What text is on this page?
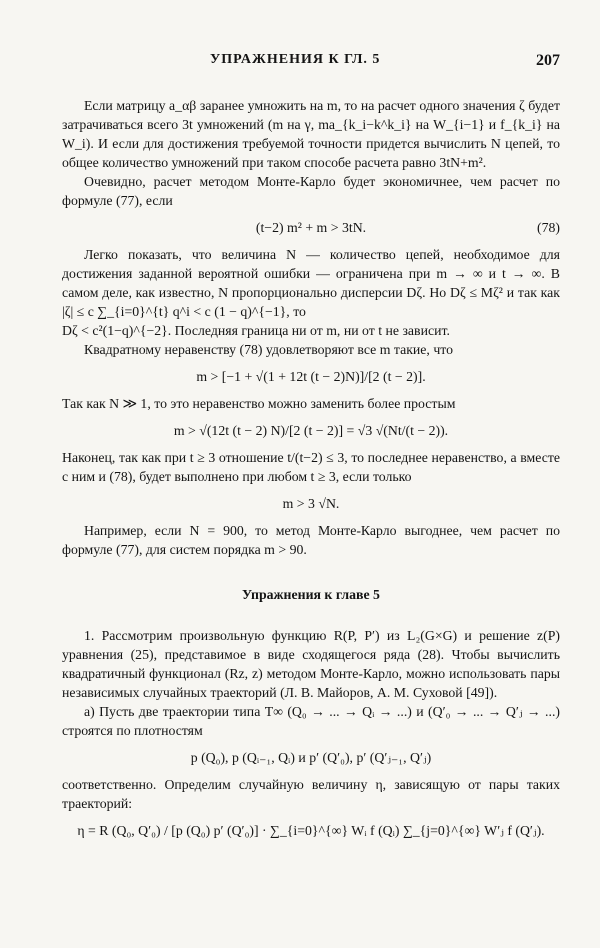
УПРАЖНЕНИЯ К ГЛ. 5	207

Если матрицу a_αβ заранее умножить на m, то на расчет одного значения ζ будет затрачиваться всего 3t умножений (m на γ, ma_{k_i−k^k_i} на W_{i−1} и f_{k_i} на W_i). И если для достижения требуемой точности придется вычислить N цепей, то общее количество умножений при таком способе расчета равно 3tN+m².

Очевидно, расчет методом Монте-Карло будет экономичнее, чем расчет по формуле (77), если

(t−2) m² + m > 3tN.	(78)

Легко показать, что величина N — количество цепей, необходимое для достижения заданной вероятной ошибки — ограничена при m → ∞ и t → ∞. В самом деле, как известно, N пропорционально дисперсии Dζ. Но Dζ ≤ Mζ² и так как |ζ| ≤ c ∑_{i=0}^{t} q^i < c (1 − q)^{−1}, то

Dζ < c²(1−q)^{−2}. Последняя граница ни от m, ни от t не зависит.

Квадратному неравенству (78) удовлетворяют все m такие, что

m > [−1 + √(1 + 12t (t − 2)N)]/[2 (t − 2)].

Так как N ≫ 1, то это неравенство можно заменить более простым

m > √(12t (t − 2) N)/[2 (t − 2)] = √3 √(Nt/(t − 2)).

Наконец, так как при t ≥ 3 отношение t/(t−2) ≤ 3, то последнее неравенство, а вместе с ним и (78), будет выполнено при любом t ≥ 3, если только

m > 3 √N.

Например, если N = 900, то метод Монте-Карло выгоднее, чем расчет по формуле (77), для систем порядка m > 90.

Упражнения к главе 5

1. Рассмотрим произвольную функцию R(P, P′) из L₂(G×G) и решение z(P) уравнения (25), представимое в виде сходящегося ряда (28). Чтобы вычислить квадратичный функционал (Rz, z) методом Монте-Карло, можно использовать пары независимых случайных траекторий (Л. В. Майоров, А. М. Суховой [49]).

а) Пусть две траектории типа T∞ (Q₀ → ... → Qᵢ → ...) и (Q′₀ → ... → Q′ⱼ → ...) строятся по плотностям

p (Q₀), p (Qᵢ₋₁, Qᵢ) и p′ (Q′₀), p′ (Q′ⱼ₋₁, Q′ⱼ)

соответственно. Определим случайную величину η, зависящую от пары таких траекторий:

η = R (Q₀, Q′₀) / [p (Q₀) p′ (Q′₀)] · ∑_{i=0}^{∞} Wᵢ f (Qᵢ) ∑_{j=0}^{∞} W′ⱼ f (Q′ⱼ).
